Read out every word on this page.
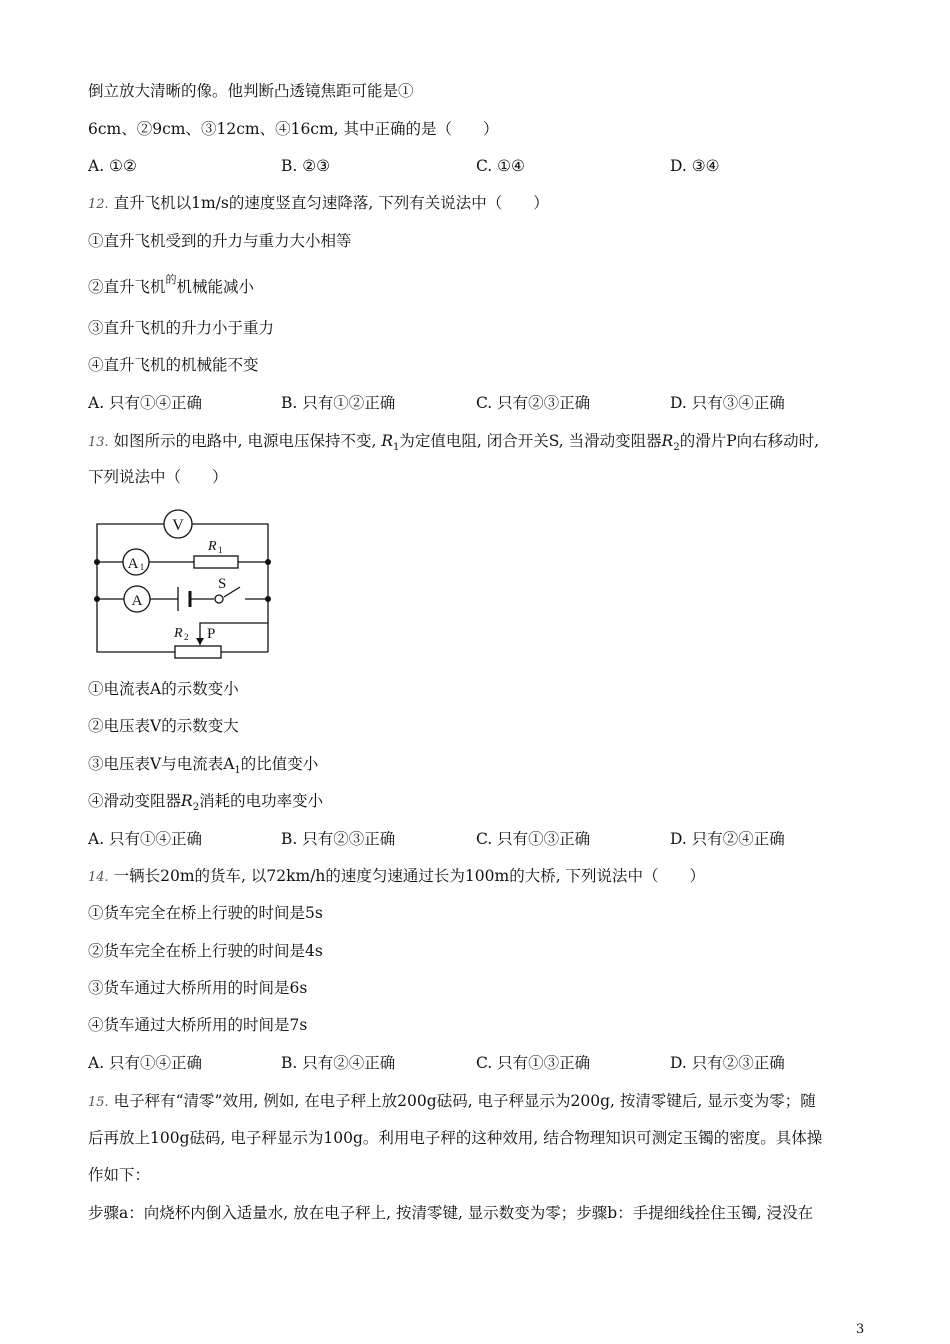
倒立放大清晰的像。他判断凸透镜焦距可能是①
6cm、②9cm、③12cm、④16cm, 其中正确的是（　　）
A. ①②	B. ②③	C. ①④	D. ③④
12. 直升飞机以1m/s的速度竖直匀速降落, 下列有关说法中（　　）
①直升飞机受到的升力与重力大小相等
②直升飞机$^的$机械能减小
③直升飞机的升力小于重力
④直升飞机的机械能不变
A. 只有①④正确	B. 只有①②正确	C. 只有②③正确	D. 只有③④正确
13. 如图所示的电路中, 电源电压保持不变, $R_1$为定值电阻, 闭合开关S, 当滑动变阻器$R_2$的滑片P向右移动时,
下列说法中（　　）
V
A 1
R 1
A
S
R 2 P
①电流表A的示数变小
②电压表V的示数变大
③电压表V与电流表$A_1$的比值变小
④滑动变阻器$R_2$消耗的电功率变小
A. 只有①④正确	B. 只有②③正确	C. 只有①③正确	D. 只有②④正确
14. 一辆长20m的货车, 以72km/h的速度匀速通过长为100m的大桥, 下列说法中（　　）
①货车完全在桥上行驶的时间是5s
②货车完全在桥上行驶的时间是4s
③货车通过大桥所用的时间是6s
④货车通过大桥所用的时间是7s
A. 只有①④正确	B. 只有②④正确	C. 只有①③正确	D. 只有②③正确
15. 电子秤有“清零”效用, 例如, 在电子秤上放200g砝码, 电子秤显示为200g, 按清零键后, 显示变为零；随
后再放上100g砝码, 电子秤显示为100g。利用电子秤的这种效用, 结合物理知识可测定玉镯的密度。具体操
作如下：
步骤a：向烧杯内倒入适量水, 放在电子秤上, 按清零键, 显示数变为零；步骤b：手提细线拴住玉镯, 浸没在
3
